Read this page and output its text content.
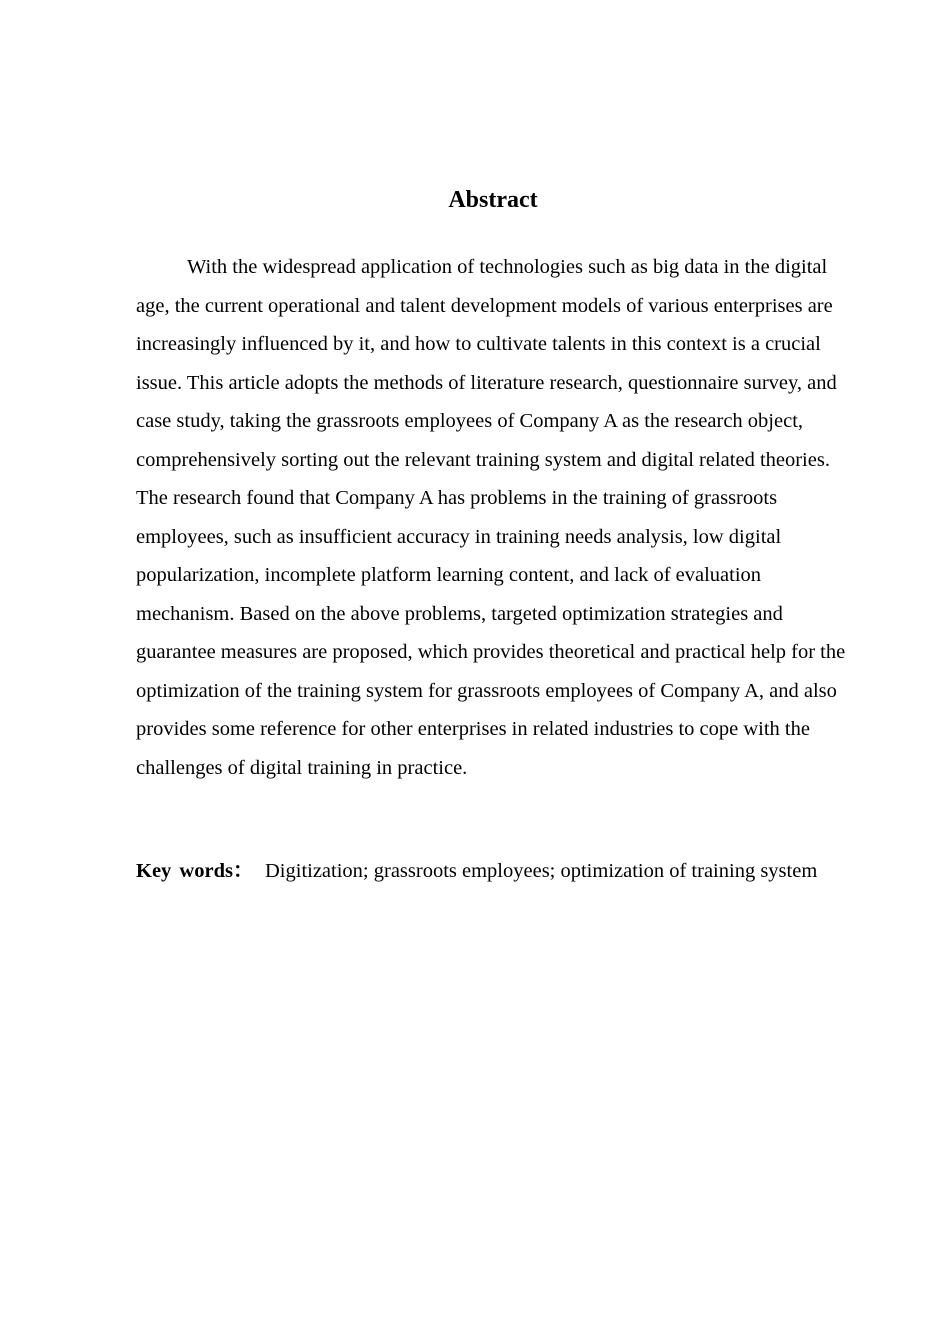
Abstract

With the widespread application of technologies such as big data in the digital age, the current operational and talent development models of various enterprises are increasingly influenced by it, and how to cultivate talents in this context is a crucial issue. This article adopts the methods of literature research, questionnaire survey, and case study, taking the grassroots employees of Company A as the research object, comprehensively sorting out the relevant training system and digital related theories. The research found that Company A has problems in the training of grassroots employees, such as insufficient accuracy in training needs analysis, low digital popularization, incomplete platform learning content, and lack of evaluation mechanism. Based on the above problems, targeted optimization strategies and guarantee measures are proposed, which provides theoretical and practical help for the optimization of the training system for grassroots employees of Company A, and also provides some reference for other enterprises in related industries to cope with the challenges of digital training in practice.

Key words： Digitization; grassroots employees; optimization of training system
